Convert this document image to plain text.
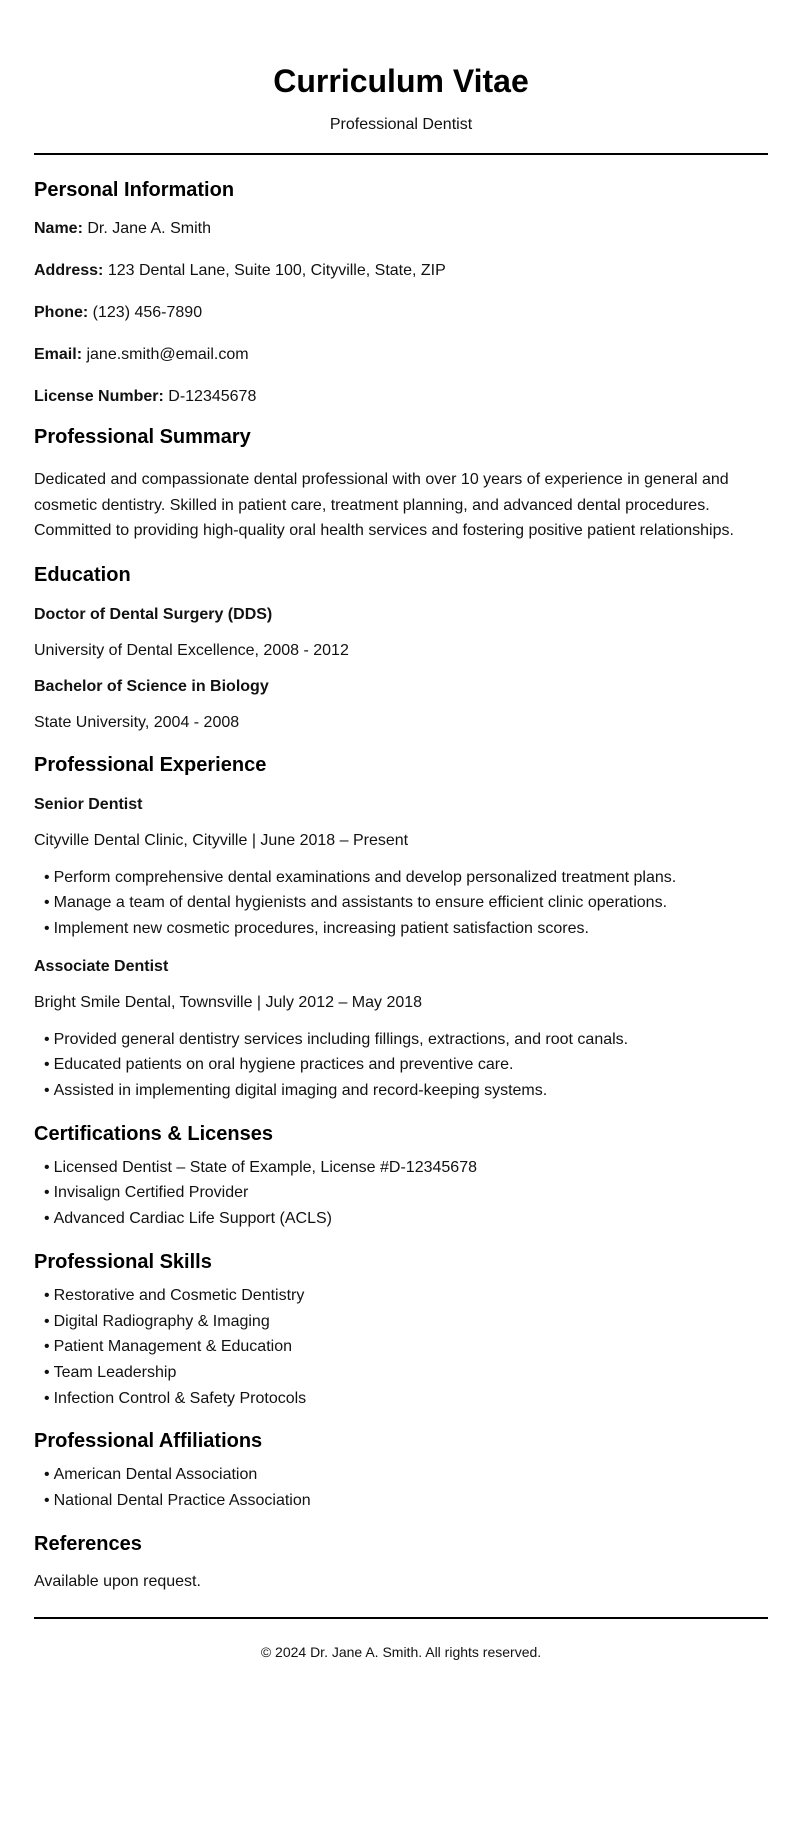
Curriculum Vitae
Professional Dentist
Personal Information

Name: Dr. Jane A. Smith

Address: 123 Dental Lane, Suite 100, Cityville, State, ZIP

Phone: (123) 456-7890

Email: jane.smith@email.com

License Number: D-12345678

Professional Summary

Dedicated and compassionate dental professional with over 10 years of experience in general and cosmetic dentistry. Skilled in patient care, treatment planning, and advanced dental procedures. Committed to providing high-quality oral health services and fostering positive patient relationships.

Education
Doctor of Dental Surgery (DDS)

University of Dental Excellence, 2008 - 2012

Bachelor of Science in Biology

State University, 2004 - 2008

Professional Experience
Senior Dentist

Cityville Dental Clinic, Cityville | June 2018 – Present

• Perform comprehensive dental examinations and develop personalized treatment plans.
• Manage a team of dental hygienists and assistants to ensure efficient clinic operations.
• Implement new cosmetic procedures, increasing patient satisfaction scores.
Associate Dentist

Bright Smile Dental, Townsville | July 2012 – May 2018

• Provided general dentistry services including fillings, extractions, and root canals.
• Educated patients on oral hygiene practices and preventive care.
• Assisted in implementing digital imaging and record-keeping systems.
Certifications & Licenses
• Licensed Dentist – State of Example, License #D-12345678
• Invisalign Certified Provider
• Advanced Cardiac Life Support (ACLS)
Professional Skills
• Restorative and Cosmetic Dentistry
• Digital Radiography & Imaging
• Patient Management & Education
• Team Leadership
• Infection Control & Safety Protocols
Professional Affiliations
• American Dental Association
• National Dental Practice Association
References

Available upon request.

© 2024 Dr. Jane A. Smith. All rights reserved.
